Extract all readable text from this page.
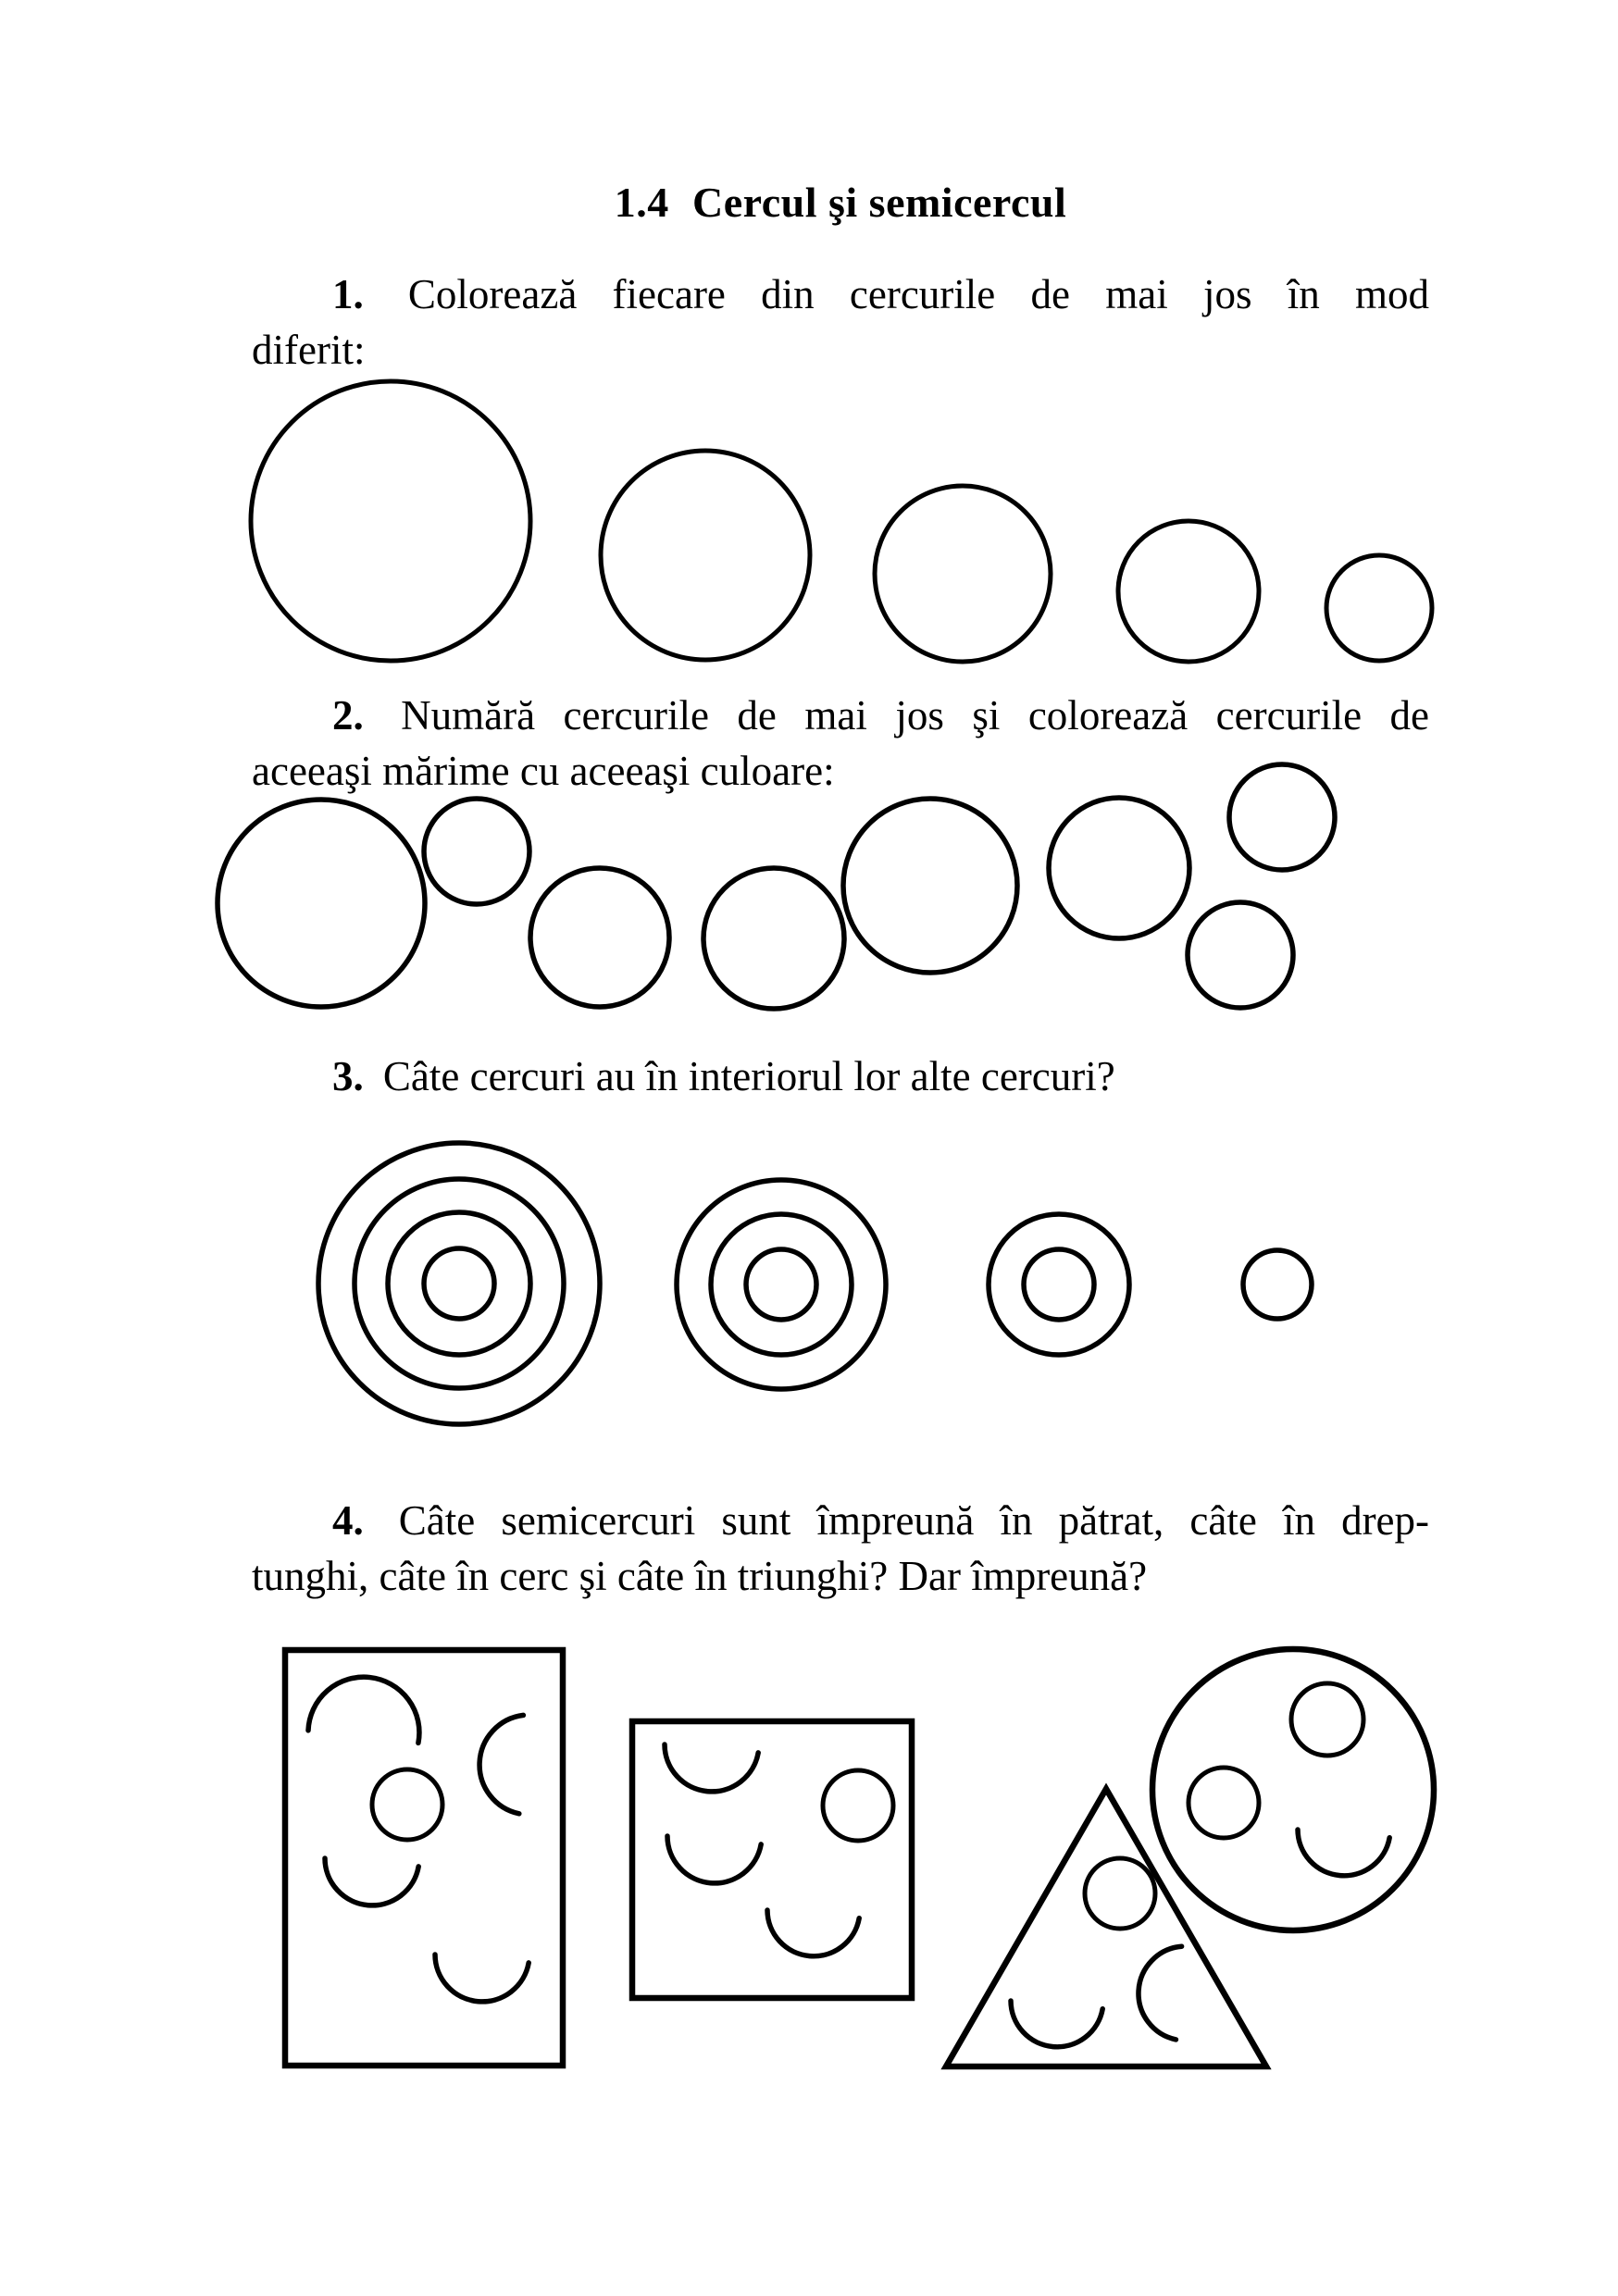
1.4 Cercul şi semicercul
1. Colorează fiecare din cercurile de mai jos în mod
diferit:
2. Numără cercurile de mai jos şi colorează cercurile de
aceeaşi mărime cu aceeaşi culoare:
3. Câte cercuri au în interiorul lor alte cercuri?
4. Câte semicercuri sunt împreună în pătrat, câte în drep-
tunghi, câte în cerc şi câte în triunghi? Dar împreună?
